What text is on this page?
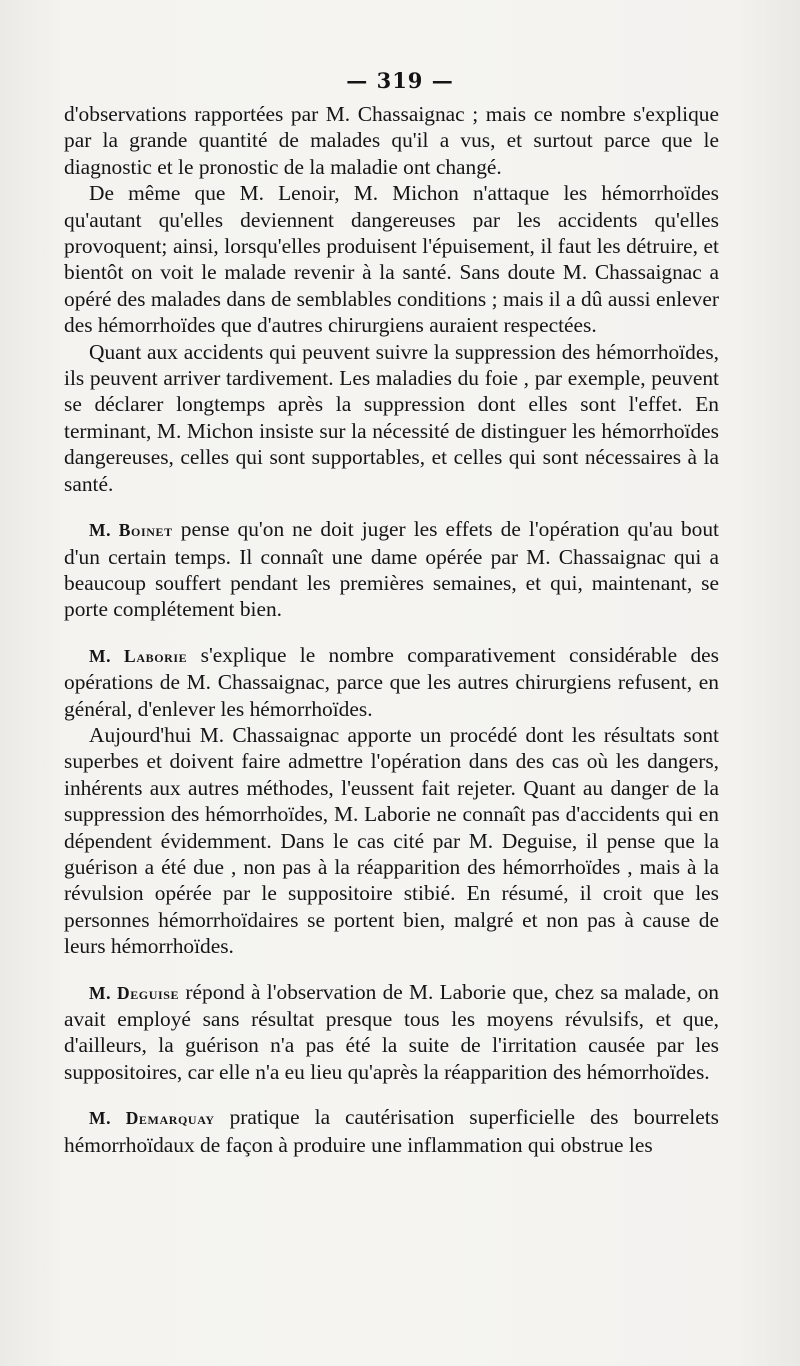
— 319 —

d'observations rapportées par M. Chassaignac ; mais ce nombre s'explique par la grande quantité de malades qu'il a vus, et surtout parce que le diagnostic et le pronostic de la maladie ont changé.

De même que M. Lenoir, M. Michon n'attaque les hémorrhoïdes qu'autant qu'elles deviennent dangereuses par les accidents qu'elles provoquent; ainsi, lorsqu'elles produisent l'épuisement, il faut les détruire, et bientôt on voit le malade revenir à la santé. Sans doute M. Chassaignac a opéré des malades dans de semblables conditions ; mais il a dû aussi enlever des hémorrhoïdes que d'autres chirurgiens auraient respectées.

Quant aux accidents qui peuvent suivre la suppression des hémorrhoïdes, ils peuvent arriver tardivement. Les maladies du foie , par exemple, peuvent se déclarer longtemps après la suppression dont elles sont l'effet. En terminant, M. Michon insiste sur la nécessité de distinguer les hémorrhoïdes dangereuses, celles qui sont supportables, et celles qui sont nécessaires à la santé.

M. Boinet pense qu'on ne doit juger les effets de l'opération qu'au bout d'un certain temps. Il connaît une dame opérée par M. Chassaignac qui a beaucoup souffert pendant les premières semaines, et qui, maintenant, se porte complétement bien.

M. Laborie s'explique le nombre comparativement considérable des opérations de M. Chassaignac, parce que les autres chirurgiens refusent, en général, d'enlever les hémorrhoïdes.

Aujourd'hui M. Chassaignac apporte un procédé dont les résultats sont superbes et doivent faire admettre l'opération dans des cas où les dangers, inhérents aux autres méthodes, l'eussent fait rejeter. Quant au danger de la suppression des hémorrhoïdes, M. Laborie ne connaît pas d'accidents qui en dépendent évidemment. Dans le cas cité par M. Deguise, il pense que la guérison a été due , non pas à la réapparition des hémorrhoïdes , mais à la révulsion opérée par le suppositoire stibié. En résumé, il croit que les personnes hémorrhoïdaires se portent bien, malgré et non pas à cause de leurs hémorrhoïdes.

M. Deguise répond à l'observation de M. Laborie que, chez sa malade, on avait employé sans résultat presque tous les moyens révulsifs, et que, d'ailleurs, la guérison n'a pas été la suite de l'irritation causée par les suppositoires, car elle n'a eu lieu qu'après la réapparition des hémorrhoïdes.

M. Demarquay pratique la cautérisation superficielle des bourrelets hémorrhoïdaux de façon à produire une inflammation qui obstrue les
